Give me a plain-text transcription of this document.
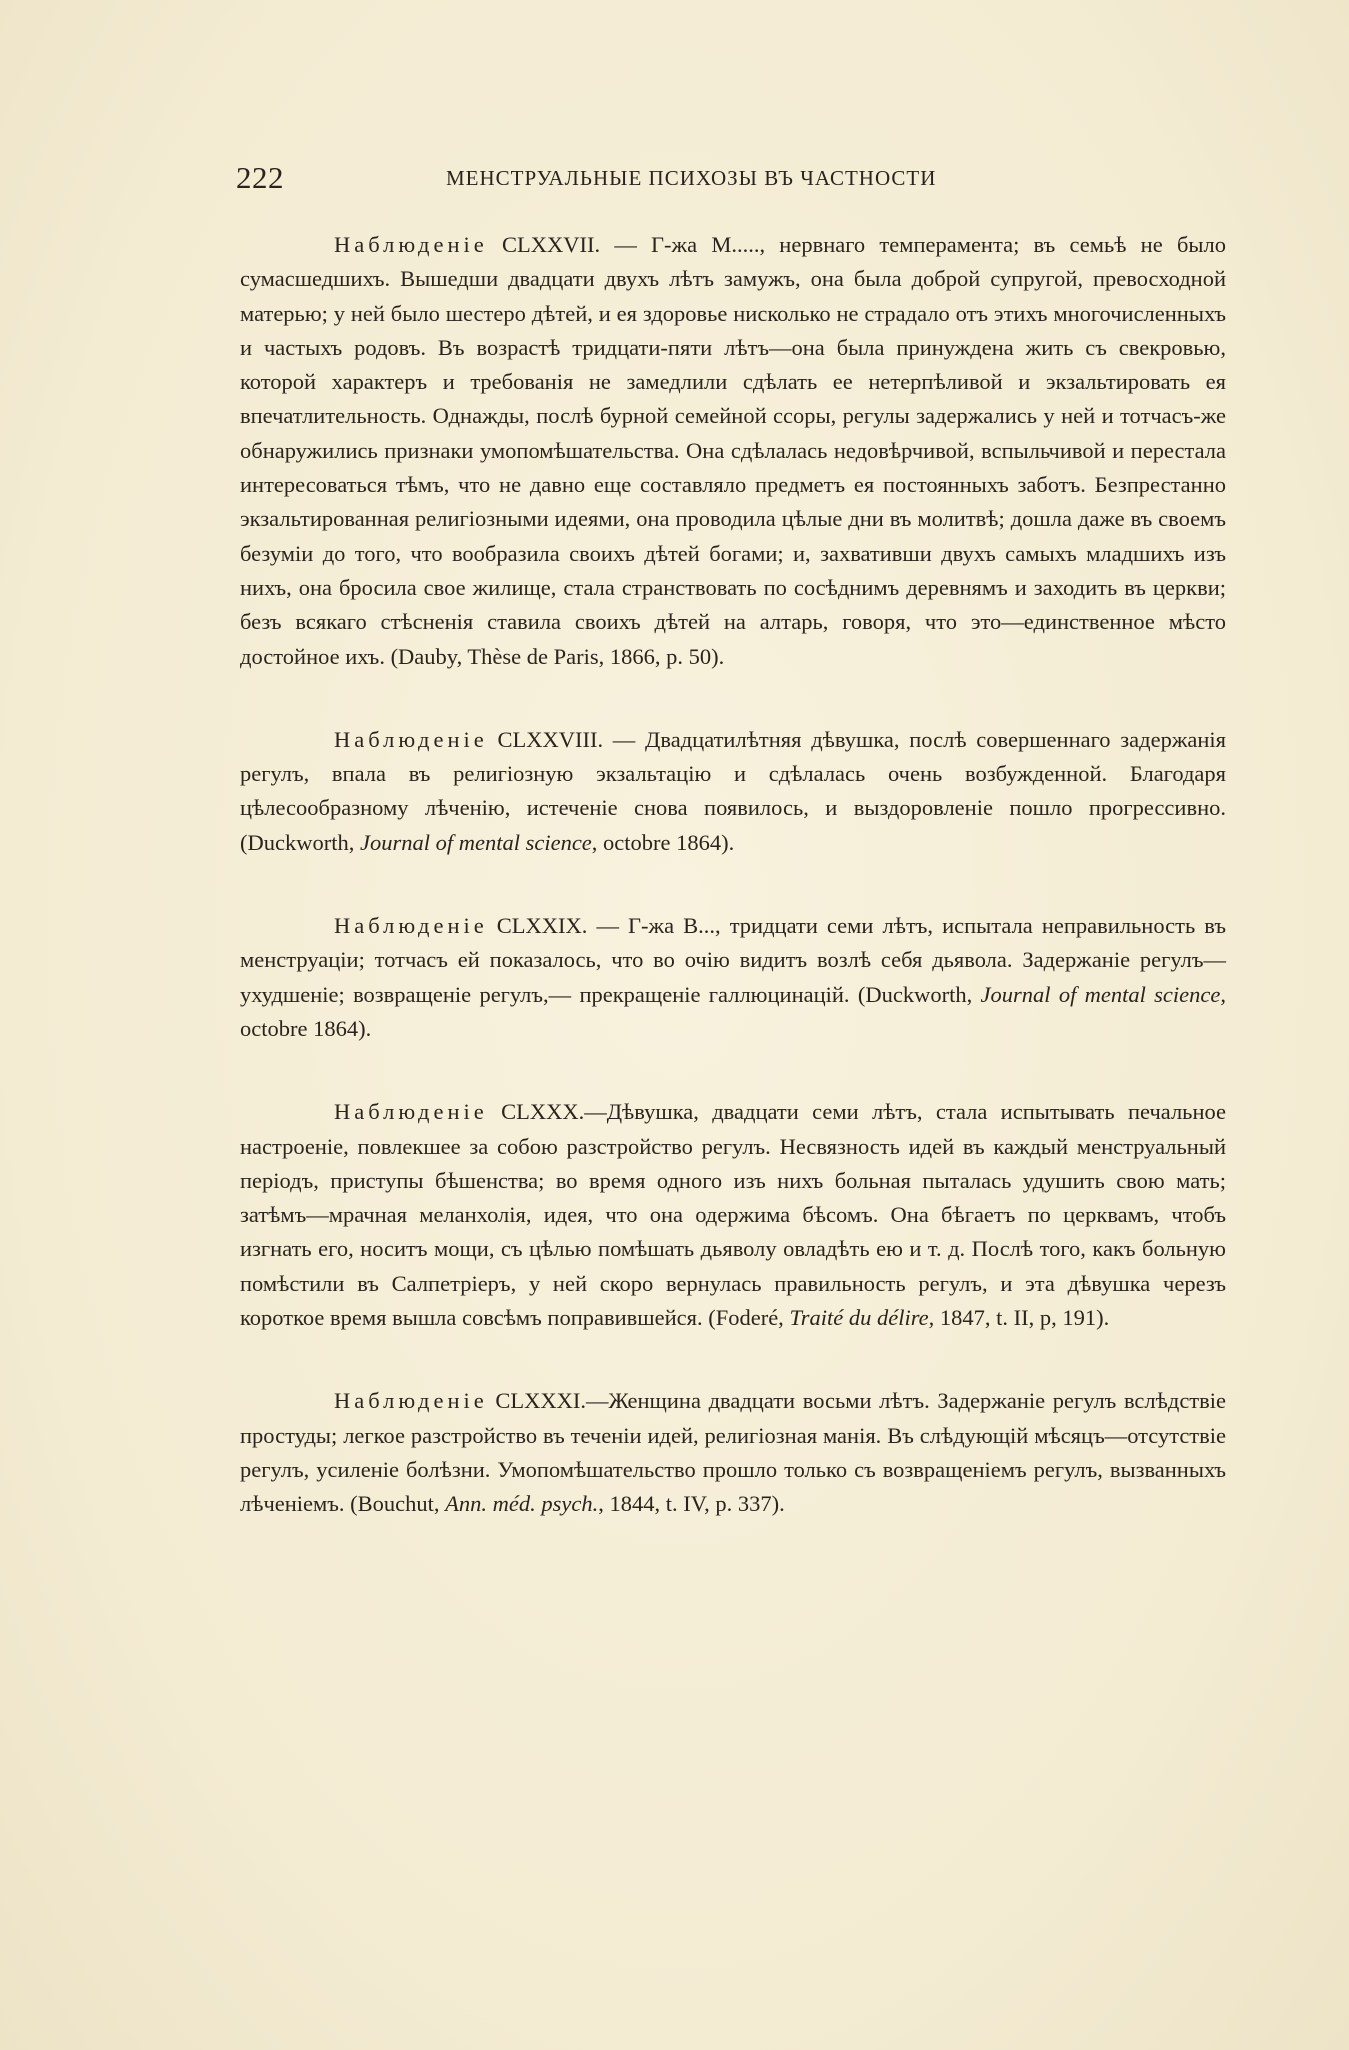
222	МЕНСТРУАЛЬНЫЕ ПСИХОЗЫ ВЪ ЧАСТНОСТИ

Наблюденіе CLXXVII. — Г-жа М....., нервнаго темперамента; въ семьѣ не было сумасшедшихъ. Вышедши двадцати двухъ лѣтъ замужъ, она была доброй супругой, превосходной матерью; у ней было шестеро дѣтей, и ея здоровье нисколько не страдало отъ этихъ многочисленныхъ и частыхъ родовъ. Въ возрастѣ тридцати-пяти лѣтъ—она была принуждена жить съ свекровью, которой характеръ и требованія не замедлили сдѣлать ее нетерпѣливой и экзальтировать ея впечатлительность. Однажды, послѣ бурной семейной ссоры, регулы задержались у ней и тотчасъ-же обнаружились признаки умопомѣшательства. Она сдѣлалась недовѣрчивой, вспыльчивой и перестала интересоваться тѣмъ, что не давно еще составляло предметъ ея постоянныхъ заботъ. Безпрестанно экзальтированная религіозными идеями, она проводила цѣлые дни въ молитвѣ; дошла даже въ своемъ безуміи до того, что вообразила своихъ дѣтей богами; и, захвативши двухъ самыхъ младшихъ изъ нихъ, она бросила свое жилище, стала странствовать по сосѣднимъ деревнямъ и заходить въ церкви; безъ всякаго стѣсненія ставила своихъ дѣтей на алтарь, говоря, что это—единственное мѣсто достойное ихъ. (Dauby, Thèse de Paris, 1866, p. 50).

Наблюденіе CLXXVIII. — Двадцатилѣтняя дѣвушка, послѣ совершеннаго задержанія регулъ, впала въ религіозную экзальтацію и сдѣлалась очень возбужденной. Благодаря цѣлесообразному лѣченію, истеченіе снова появилось, и выздоровленіе пошло прогрессивно. (Duckworth, Journal of mental science, octobre 1864).

Наблюденіе CLXXIX. — Г-жа В..., тридцати семи лѣтъ, испытала неправильность въ менструаціи; тотчасъ ей показалось, что во очію видитъ возлѣ себя дьявола. Задержаніе регулъ—ухудшеніе; возвращеніе регулъ,— прекращеніе галлюцинацій. (Duckworth, Journal of mental science, octobre 1864).

Наблюденіе CLXXX.—Дѣвушка, двадцати семи лѣтъ, стала испытывать печальное настроеніе, повлекшее за собою разстройство регулъ. Несвязность идей въ каждый менструальный періодъ, приступы бѣшенства; во время одного изъ нихъ больная пыталась удушить свою мать; затѣмъ—мрачная меланхолія, идея, что она одержима бѣсомъ. Она бѣгаетъ по церквамъ, чтобъ изгнать его, носитъ мощи, съ цѣлью помѣшать дьяволу овладѣть ею и т. д. Послѣ того, какъ больную помѣстили въ Салпетріеръ, у ней скоро вернулась правильность регулъ, и эта дѣвушка черезъ короткое время вышла совсѣмъ поправившейся. (Foderé, Traité du délire, 1847, t. II, p, 191).

Наблюденіе CLXXXI.—Женщина двадцати восьми лѣтъ. Задержаніе регулъ вслѣдствіе простуды; легкое разстройство въ теченіи идей, религіозная манія. Въ слѣдующій мѣсяцъ—отсутствіе регулъ, усиленіе болѣзни. Умопомѣшательство прошло только съ возвращеніемъ регулъ, вызванныхъ лѣченіемъ. (Bouchut, Ann. méd. psych., 1844, t. IV, p. 337).
